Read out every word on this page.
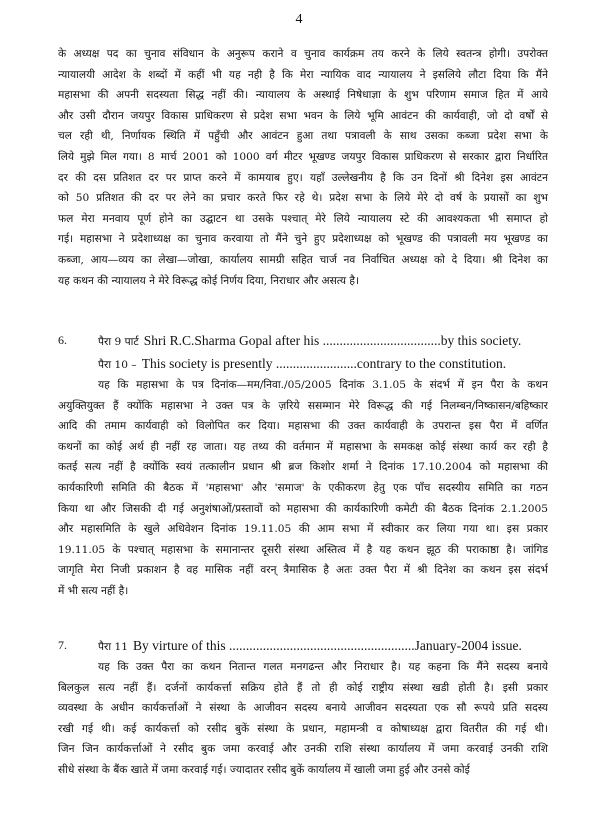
4
के अध्यक्ष पद का चुनाव संविधान के अनुरूप कराने व चुनाव कार्यक्रम तय करने के लिये स्वतन्त्र होगी। उपरोक्त
न्यायालयी आदेश के शब्दों में कहीं भी यह नही है कि मेरा न्यायिक वाद न्यायालय ने इसलिये लौटा दिया कि मैंने
महासभा की अपनी सदस्यता सिद्ध नहीं की। न्यायालय के अस्थाई निषेधाज्ञा के शुभ परिणाम समाज हित में आये
और उसी दौरान जयपुर विकास प्राधिकरण से प्रदेश सभा भवन के लिये भूमि आवंटन की कार्यवाही, जो दो वर्षों से
चल रही थी, निर्णायक स्थिति में पहुँची और आवंटन हुआ तथा पत्रावली के साथ उसका कब्जा प्रदेश सभा के
लिये मुझे मिल गया। 8 मार्च 2001 को 1000 वर्ग मीटर भूखण्ड जयपुर विकास प्राधिकरण से सरकार द्वारा निर्धारित
दर की दस प्रतिशत दर पर प्राप्त करने में कामयाब हुए। यहाँ उल्लेखनीय है कि उन दिनों श्री दिनेश इस आवंटन
को 50 प्रतिशत की दर पर लेने का प्रचार करते फिर रहे थे। प्रदेश सभा के लिये मेरे दो वर्ष के प्रयासों का शुभ
फल मेरा मनवाय पूर्ण होने का उद्घाटन था उसके पश्चात् मेरे लिये न्यायालय स्टे की आवश्यकता भी समाप्त हो
गई। महासभा ने प्रदेशाध्यक्ष का चुनाव करवाया तो मैंने चुने हुए प्रदेशाध्यक्ष को भूखण्ड की पत्रावली मय भूखण्ड का
कब्जा, आय—व्यय का लेखा—जोखा, कार्यालय सामग्री सहित चार्ज नव निर्वाचित अध्यक्ष को दे दिया। श्री दिनेश का
यह कथन की न्यायालय ने मेरे विरूद्ध कोई निर्णय दिया, निराधार और असत्य है।
6.	पैरा 9 पार्ट Shri R.C.Sharma Gopal after his ...................................by this society.
पैरा 10 – This society is presently ........................contrary to the constitution.
यह कि महासभा के पत्र दिनांक—मम/निवा./05/2005 दिनांक 3.1.05 के संदर्भ में इन पैरा के कथन
अयुक्तियुक्त हैं क्योंकि महासभा ने उक्त पत्र के ज़रिये ससम्मान मेरे विरूद्ध की गई निलम्बन/निष्कासन/बहिष्कार
आदि की तमाम कार्यवाही को विलोपित कर दिया। महासभा की उक्त कार्यवाही के उपरान्त इस पैरा में वर्णित
कथनों का कोई अर्थ ही नहीं रह जाता। यह तथ्य की वर्तमान में महासभा के समकक्ष कोई संस्था कार्य कर रही है
कतई सत्य नहीं है क्योंकि स्वयं तत्कालीन प्रधान श्री ब्रज किशोर शर्मा ने दिनांक 17.10.2004 को महासभा की
कार्यकारिणी समिति की बैठक में 'महासभा' और 'समाज' के एकीकरण हेतु एक पाँच सदस्यीय समिति का गठन
किया था और जिसकी दी गई अनुशंषाओं/प्रस्तावों को महासभा की कार्यकारिणी कमेटी की बैठक दिनांक 2.1.2005
और महासमिति के खुले अधिवेशन दिनांक 19.11.05 की आम सभा में स्वीकार कर लिया गया था। इस प्रकार
19.11.05 के पश्चात् महासभा के समानान्तर दूसरी संस्था अस्तित्व में है यह कथन झूठ की पराकाष्ठा है। जांगिड
जागृति मेरा निजी प्रकाशन है वह मासिक नहीं वरन् त्रैमासिक है अतः उक्त पैरा में श्री दिनेश का कथन इस संदर्भ
में भी सत्य नहीं है।
7.	पैरा 11 By virture of this .......................................................January-2004 issue.
यह कि उक्त पैरा का कथन नितान्त गलत मनगढन्त और निराधार है। यह कहना कि मैंने सदस्य बनाये
बिलकुल सत्य नहीं हैं। दर्जनों कार्यकर्त्ता सक्रिय होते हैं तो ही कोई राष्ट्रीय संस्था खडी होती है। इसी प्रकार
व्यवस्था के अधीन कार्यकर्त्ताओं ने संस्था के आजीवन सदस्य बनाये आजीवन सदस्यता एक सौ रूपये प्रति सदस्य
रखी गई थी। कई कार्यकर्त्ता को रसीद बुकें संस्था के प्रधान, महामन्त्री व कोषाध्यक्ष द्वारा वितरीत की गई थी।
जिन जिन कार्यकर्त्ताओं ने रसीद बुक जमा करवाई और उनकी राशि संस्था कार्यालय में जमा करवाई उनकी राशि
सीधे संस्था के बैंक खाते में जमा करवाई गई। ज्यादातर रसीद बुकें कार्यालय में खाली जमा हुई और उनसे कोई
